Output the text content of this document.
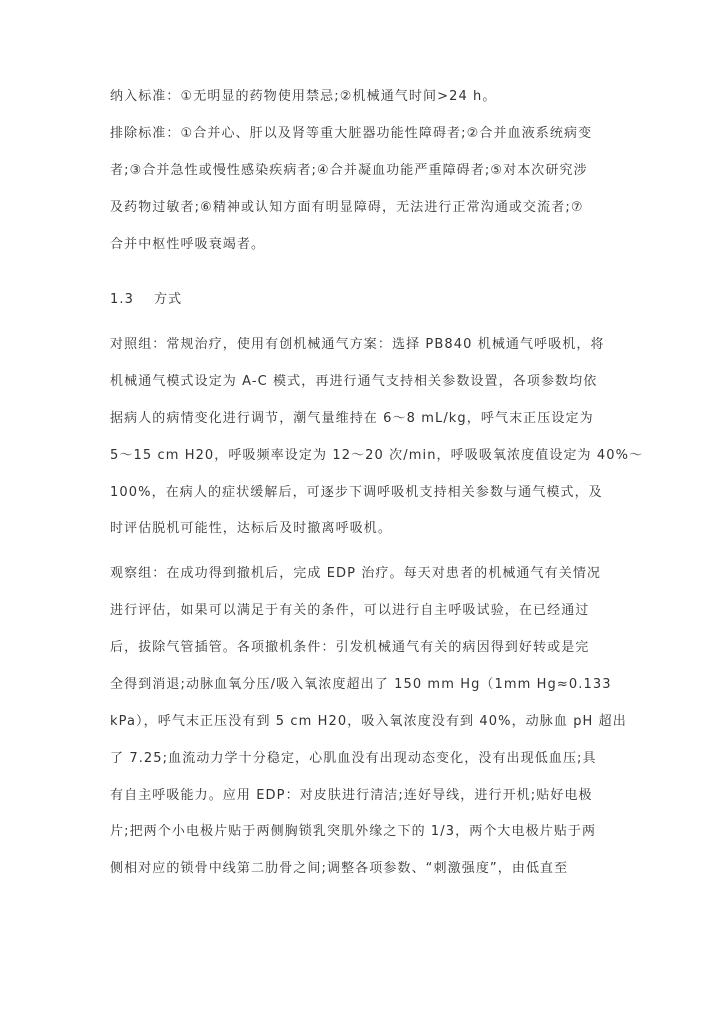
纳入标准：①无明显的药物使用禁忌;②机械通气时间>24 h。
排除标准：①合并心、肝以及肾等重大脏器功能性障碍者;②合并血液系统病变
者;③合并急性或慢性感染疾病者;④合并凝血功能严重障碍者;⑤对本次研究涉
及药物过敏者;⑥精神或认知方面有明显障碍，无法进行正常沟通或交流者;⑦
合并中枢性呼吸衰竭者。
1.3 方式
对照组：常规治疗，使用有创机械通气方案：选择 PB840 机械通气呼吸机，将
机械通气模式设定为 A-C 模式，再进行通气支持相关参数设置，各项参数均依
据病人的病情变化进行调节，潮气量维持在 6～8 mL/kg，呼气末正压设定为
5～15 cm H20，呼吸频率设定为 12～20 次/min，呼吸吸氧浓度值设定为 40%～
100%，在病人的症状缓解后，可逐步下调呼吸机支持相关参数与通气模式，及
时评估脱机可能性，达标后及时撤离呼吸机。
观察组：在成功得到撤机后，完成 EDP 治疗。每天对患者的机械通气有关情况
进行评估，如果可以满足于有关的条件，可以进行自主呼吸试验，在已经通过
后，拔除气管插管。各项撤机条件：引发机械通气有关的病因得到好转或是完
全得到消退;动脉血氧分压/吸入氧浓度超出了 150 mm Hg（1mm Hg≈0.133
kPa），呼气末正压没有到 5 cm H20，吸入氧浓度没有到 40%，动脉血 pH 超出
了 7.25;血流动力学十分稳定，心肌血没有出现动态变化，没有出现低血压;具
有自主呼吸能力。应用 EDP：对皮肤进行清洁;连好导线，进行开机;贴好电极
片;把两个小电极片贴于两侧胸锁乳突肌外缘之下的 1/3，两个大电极片贴于两
侧相对应的锁骨中线第二肋骨之间;调整各项参数、“刺激强度”，由低直至
